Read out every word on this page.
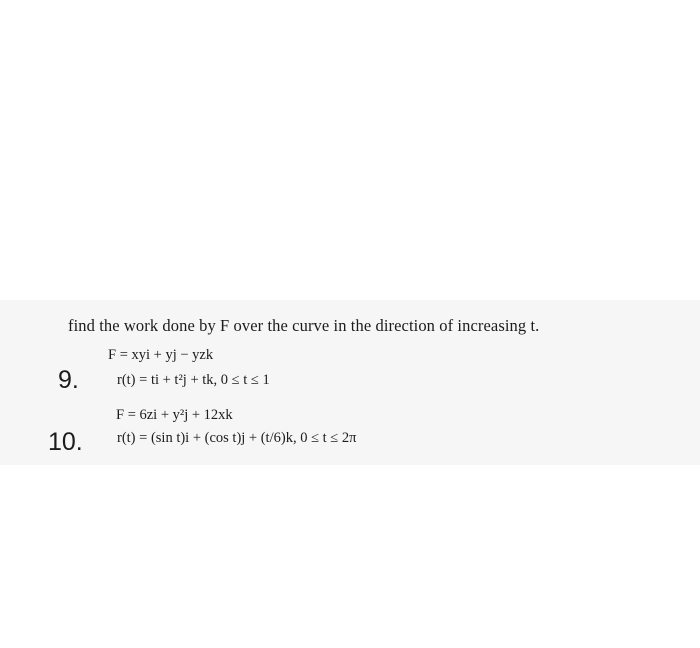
find the work done by F over the curve in the direction of increasing t.
F = xyi + yj − yzk
9.	r(t) = ti + t²j + tk, 0 ≤ t ≤ 1
F = 6zi + y²j + 12xk
10. r(t) = (sin t)i + (cos t)j + (t/6)k, 0 ≤ t ≤ 2π
